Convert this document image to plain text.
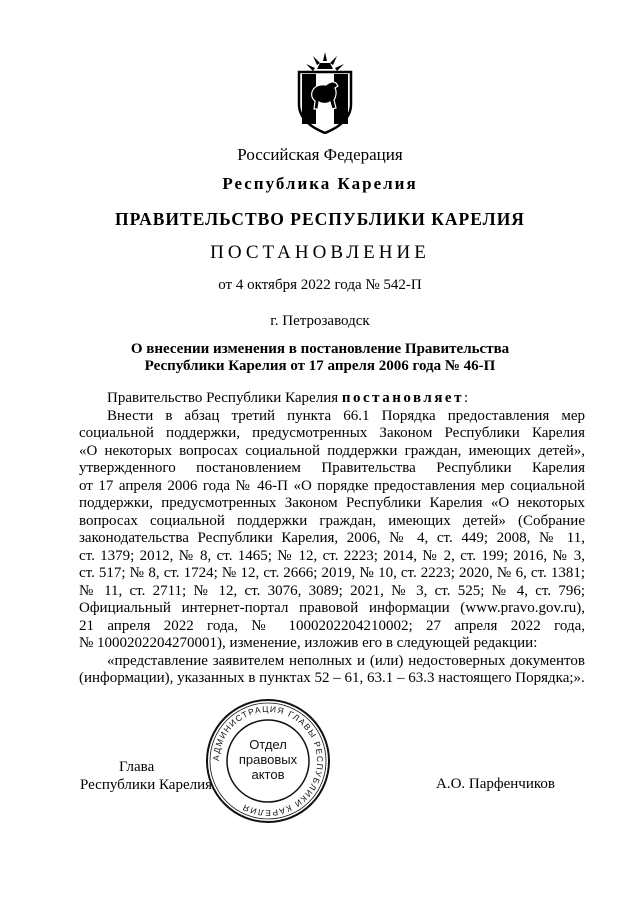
Российская Федерация
Республика Карелия
ПРАВИТЕЛЬСТВО РЕСПУБЛИКИ КАРЕЛИЯ
ПОСТАНОВЛЕНИЕ
от 4 октября 2022 года № 542-П
г. Петрозаводск
О внесении изменения в постановление Правительства
Республики Карелия от 17 апреля 2006 года № 46-П
Правительство Республики Карелия постановляет:
Внести в абзац третий пункта 66.1 Порядка предоставления мер
социальной поддержки, предусмотренных Законом Республики Карелия
«О некоторых вопросах социальной поддержки граждан, имеющих детей»,
утвержденного постановлением Правительства Республики Карелия
от 17 апреля 2006 года № 46-П «О порядке предоставления мер социальной
поддержки, предусмотренных Законом Республики Карелия «О некоторых
вопросах социальной поддержки граждан, имеющих детей» (Собрание
законодательства Республики Карелия, 2006, № 4, ст. 449; 2008, № 11,
ст. 1379; 2012, № 8, ст. 1465; № 12, ст. 2223; 2014, № 2, ст. 199; 2016, № 3,
ст. 517; № 8, ст. 1724; № 12, ст. 2666; 2019, № 10, ст. 2223; 2020, № 6, ст. 1381;
№ 11, ст. 2711; № 12, ст. 3076, 3089; 2021, № 3, ст. 525; № 4, ст. 796;
Официальный интернет-портал правовой информации (www.pravo.gov.ru),
21 апреля 2022 года, № 1000202204210002; 27 апреля 2022 года,
№ 1000202204270001), изменение, изложив его в следующей редакции:
«представление заявителем неполных и (или) недостоверных документов
(информации), указанных в пунктах 52 – 61, 63.1 – 63.3 настоящего Порядка;».
Глава
Республики Карелия	А.О. Парфенчиков
АДМИНИСТРАЦИЯ ГЛАВЫ РЕСПУБЛИКИ КАРЕЛИЯ
Отдел
правовых
актов
